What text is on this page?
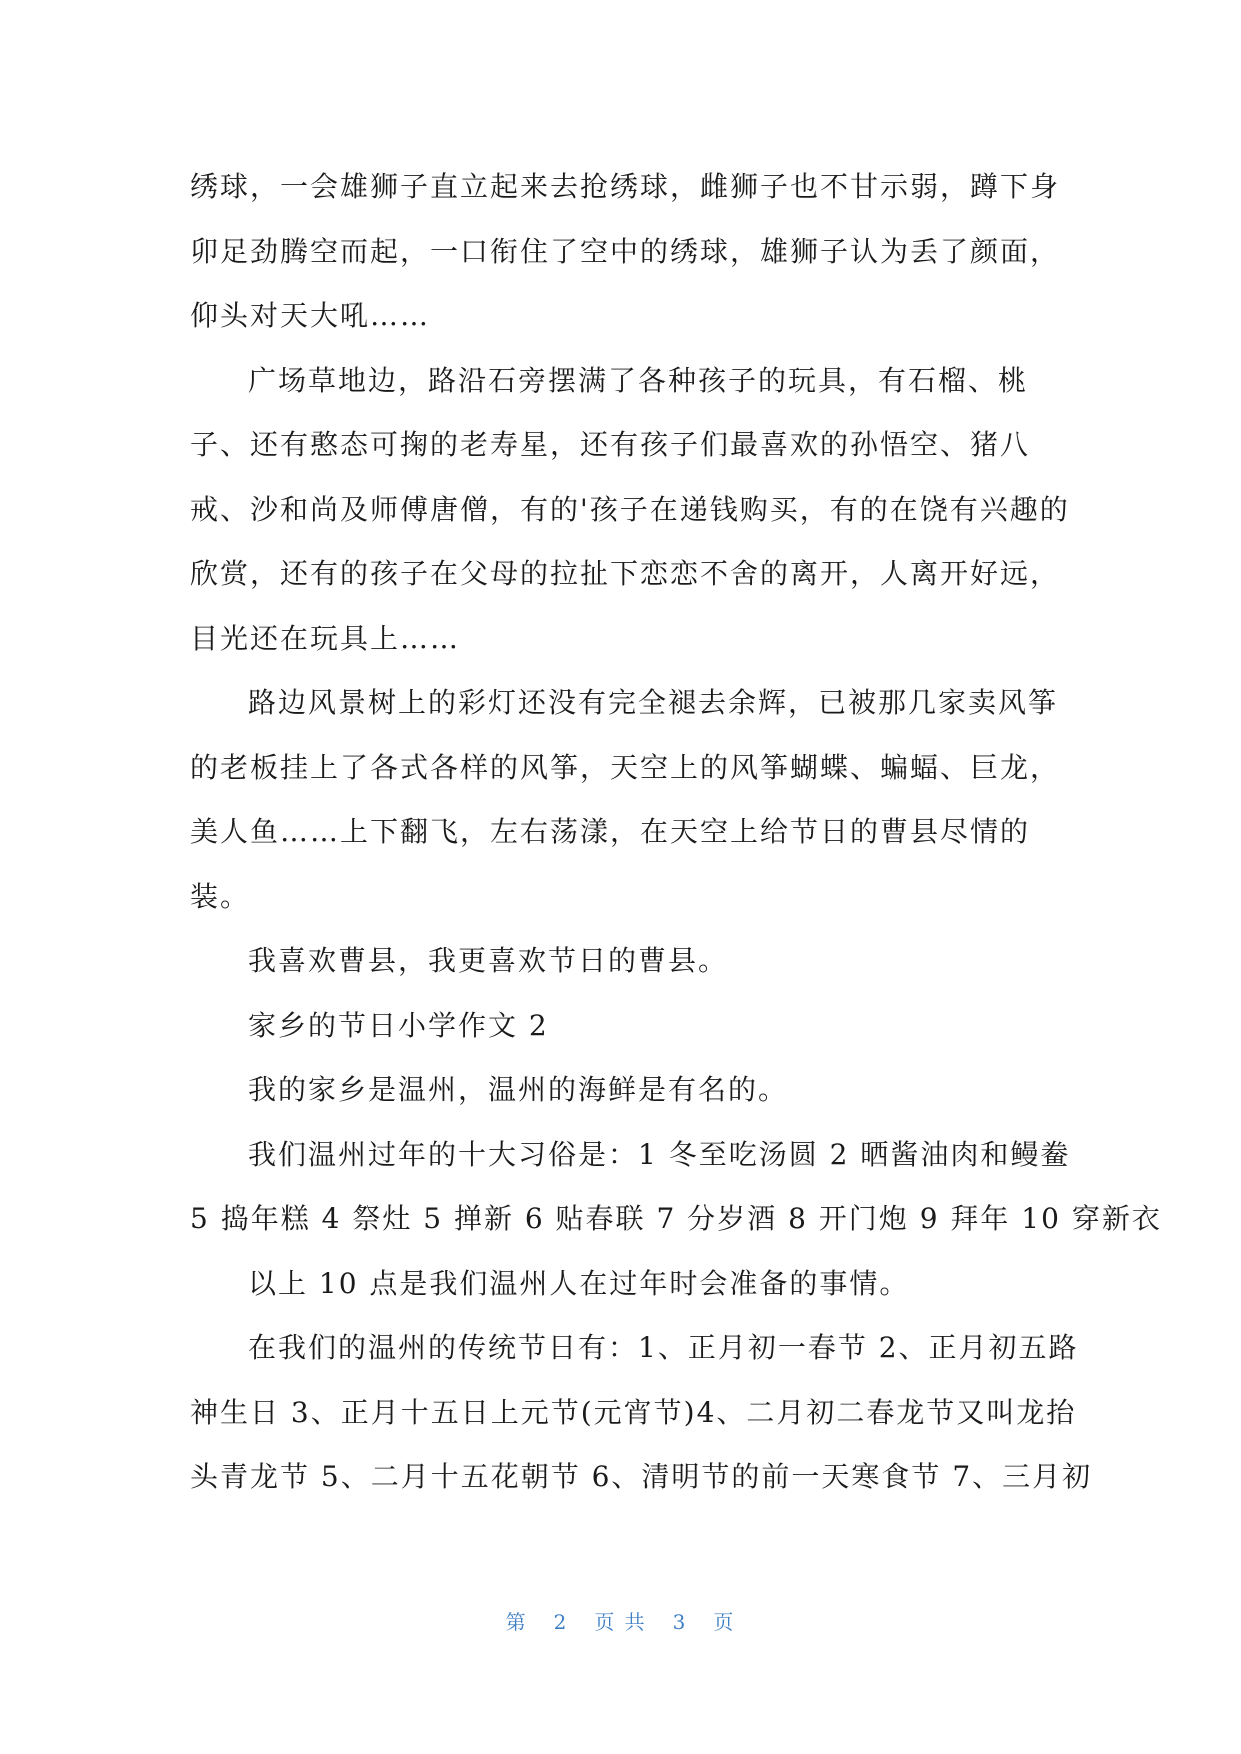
绣球，一会雄狮子直立起来去抢绣球，雌狮子也不甘示弱，蹲下身
卯足劲腾空而起，一口衔住了空中的绣球，雄狮子认为丢了颜面，
仰头对天大吼……
广场草地边，路沿石旁摆满了各种孩子的玩具，有石榴、桃
子、还有憨态可掬的老寿星，还有孩子们最喜欢的孙悟空、猪八
戒、沙和尚及师傅唐僧，有的'孩子在递钱购买，有的在饶有兴趣的
欣赏，还有的孩子在父母的拉扯下恋恋不舍的离开，人离开好远，
目光还在玩具上……
路边风景树上的彩灯还没有完全褪去余辉，已被那几家卖风筝
的老板挂上了各式各样的风筝，天空上的风筝蝴蝶、蝙蝠、巨龙，
美人鱼……上下翻飞，左右荡漾，在天空上给节日的曹县尽情的
装。
我喜欢曹县，我更喜欢节日的曹县。
家乡的节日小学作文 2
我的家乡是温州，温州的海鲜是有名的。
我们温州过年的十大习俗是：1 冬至吃汤圆 2 晒酱油肉和鳗鲞
5 捣年糕 4 祭灶 5 掸新 6 贴春联 7 分岁酒 8 开门炮 9 拜年 10 穿新衣
以上 10 点是我们温州人在过年时会准备的事情。
在我们的温州的传统节日有：1、正月初一春节 2、正月初五路
神生日 3、正月十五日上元节(元宵节)4、二月初二春龙节又叫龙抬
头青龙节 5、二月十五花朝节 6、清明节的前一天寒食节 7、三月初
第 2 页 共 3 页
